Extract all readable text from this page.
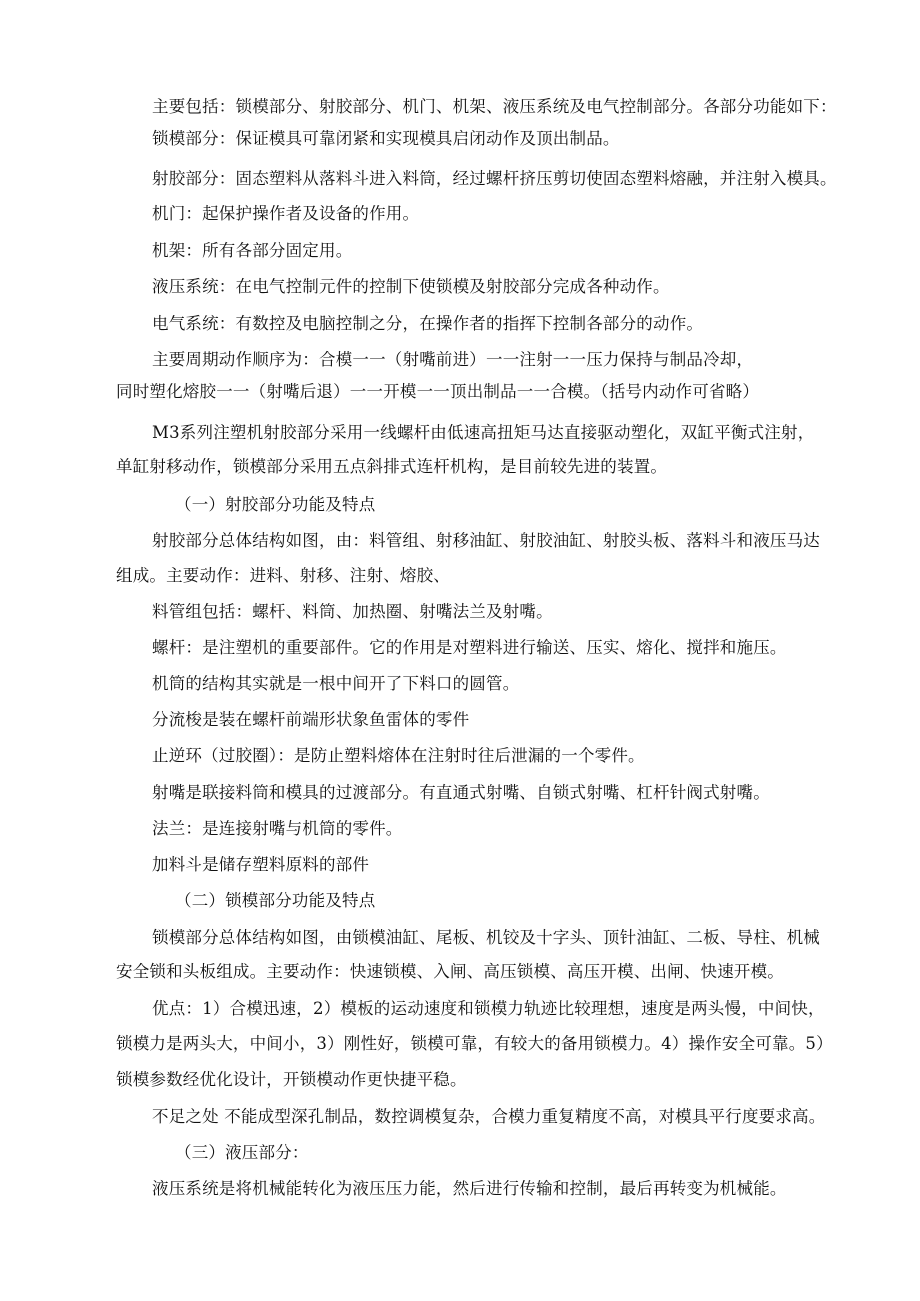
主要包括：锁模部分、射胶部分、机门、机架、液压系统及电气控制部分。各部分功能如下：
锁模部分：保证模具可靠闭紧和实现模具启闭动作及顶出制品。
射胶部分：固态塑料从落料斗进入料筒，经过螺杆挤压剪切使固态塑料熔融，并注射入模具。
机门：起保护操作者及设备的作用。
机架：所有各部分固定用。
液压系统：在电气控制元件的控制下使锁模及射胶部分完成各种动作。
电气系统：有数控及电脑控制之分，在操作者的指挥下控制各部分的动作。
主要周期动作顺序为：合模一一（射嘴前进）一一注射一一压力保持与制品冷却，
同时塑化熔胶一一（射嘴后退）一一开模一一顶出制品一一合模。（括号内动作可省略）
M3系列注塑机射胶部分采用一线螺杆由低速高扭矩马达直接驱动塑化，双缸平衡式注射，
单缸射移动作，锁模部分采用五点斜排式连杆机构，是目前较先进的装置。
（一）射胶部分功能及特点
射胶部分总体结构如图，由：料管组、射移油缸、射胶油缸、射胶头板、落料斗和液压马达
组成。主要动作：进料、射移、注射、熔胶、
料管组包括：螺杆、料筒、加热圈、射嘴法兰及射嘴。
螺杆：是注塑机的重要部件。它的作用是对塑料进行输送、压实、熔化、搅拌和施压。
机筒的结构其实就是一根中间开了下料口的圆管。
分流梭是装在螺杆前端形状象鱼雷体的零件
止逆环（过胶圈）：是防止塑料熔体在注射时往后泄漏的一个零件。
射嘴是联接料筒和模具的过渡部分。有直通式射嘴、自锁式射嘴、杠杆针阀式射嘴。
法兰：是连接射嘴与机筒的零件。
加料斗是储存塑料原料的部件
（二）锁模部分功能及特点
锁模部分总体结构如图，由锁模油缸、尾板、机铰及十字头、顶针油缸、二板、导柱、机械
安全锁和头板组成。主要动作：快速锁模、入闸、高压锁模、高压开模、出闸、快速开模。
优点：1）合模迅速，2）模板的运动速度和锁模力轨迹比较理想，速度是两头慢，中间快，
锁模力是两头大，中间小，3）刚性好，锁模可靠，有较大的备用锁模力。4）操作安全可靠。5）
锁模参数经优化设计，开锁模动作更快捷平稳。
不足之处 不能成型深孔制品，数控调模复杂，合模力重复精度不高，对模具平行度要求高。
（三）液压部分：
液压系统是将机械能转化为液压压力能，然后进行传输和控制，最后再转变为机械能。
